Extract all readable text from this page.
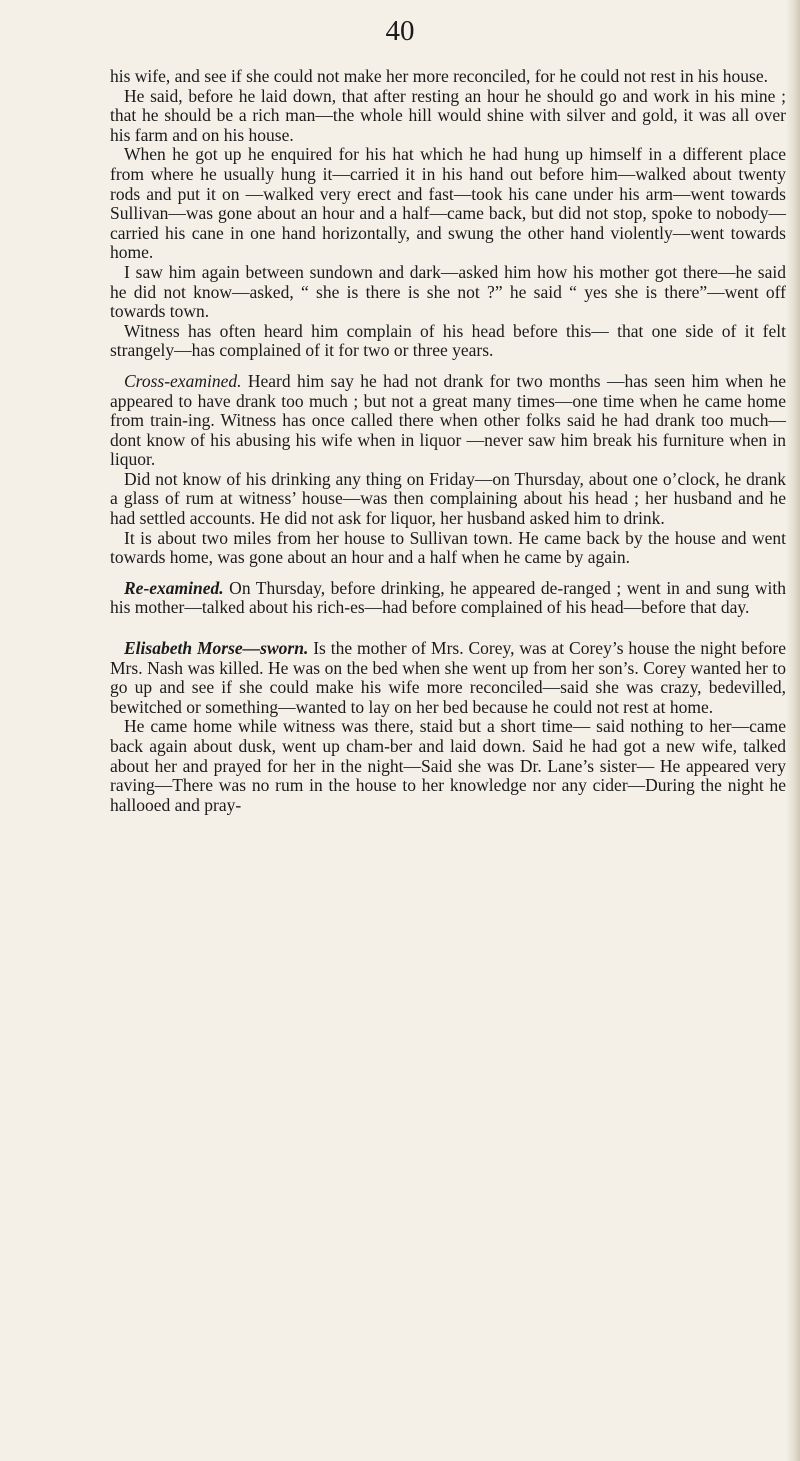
40

his wife, and see if she could not make her more reconciled, for he could not rest in his house.

He said, before he laid down, that after resting an hour he should go and work in his mine ; that he should be a rich man—the whole hill would shine with silver and gold, it was all over his farm and on his house.

When he got up he enquired for his hat which he had hung up himself in a different place from where he usually hung it—carried it in his hand out before him—walked about twenty rods and put it on —walked very erect and fast—took his cane under his arm—went towards Sullivan—was gone about an hour and a half—came back, but did not stop, spoke to nobody—carried his cane in one hand horizontally, and swung the other hand violently—went towards home.

I saw him again between sundown and dark—asked him how his mother got there—he said he did not know—asked, “ she is there is she not ?” he said “ yes she is there”—went off towards town.

Witness has often heard him complain of his head before this— that one side of it felt strangely—has complained of it for two or three years.

Cross-examined. Heard him say he had not drank for two months —has seen him when he appeared to have drank too much ; but not a great many times—one time when he came home from train-ing. Witness has once called there when other folks said he had drank too much—dont know of his abusing his wife when in liquor —never saw him break his furniture when in liquor.

Did not know of his drinking any thing on Friday—on Thursday, about one o’clock, he drank a glass of rum at witness’ house—was then complaining about his head ; her husband and he had settled accounts. He did not ask for liquor, her husband asked him to drink.

It is about two miles from her house to Sullivan town. He came back by the house and went towards home, was gone about an hour and a half when he came by again.

Re-examined. On Thursday, before drinking, he appeared de-ranged ; went in and sung with his mother—talked about his rich-es—had before complained of his head—before that day.

Elisabeth Morse—sworn. Is the mother of Mrs. Corey, was at Corey’s house the night before Mrs. Nash was killed. He was on the bed when she went up from her son’s. Corey wanted her to go up and see if she could make his wife more reconciled—said she was crazy, bedevilled, bewitched or something—wanted to lay on her bed because he could not rest at home.

He came home while witness was there, staid but a short time— said nothing to her—came back again about dusk, went up cham-ber and laid down. Said he had got a new wife, talked about her and prayed for her in the night—Said she was Dr. Lane’s sister— He appeared very raving—There was no rum in the house to her knowledge nor any cider—During the night he hallooed and pray-
